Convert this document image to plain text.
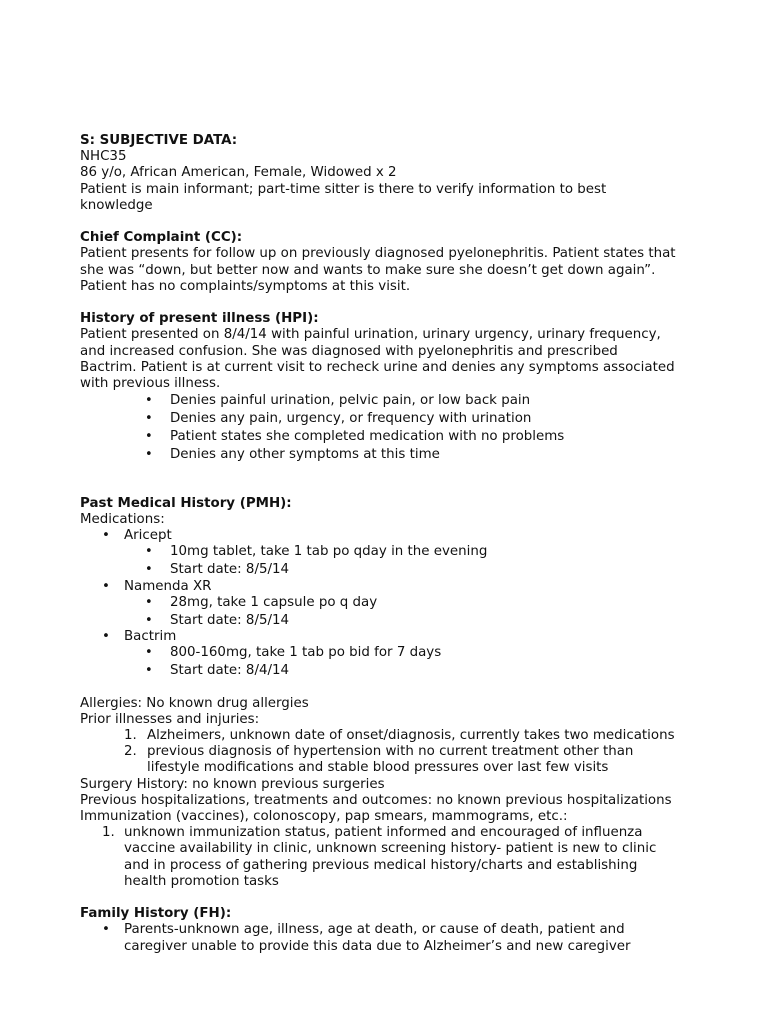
S: SUBJECTIVE DATA:
NHC35
86 y/o, African American, Female, Widowed x 2
Patient is main informant; part-time sitter is there to verify information to best
knowledge
Chief Complaint (CC):
Patient presents for follow up on previously diagnosed pyelonephritis. Patient states that
she was “down, but better now and wants to make sure she doesn’t get down again”.
Patient has no complaints/symptoms at this visit.
History of present illness (HPI):
Patient presented on 8/4/14 with painful urination, urinary urgency, urinary frequency,
and increased confusion. She was diagnosed with pyelonephritis and prescribed
Bactrim. Patient is at current visit to recheck urine and denies any symptoms associated
with previous illness.
• Denies painful urination, pelvic pain, or low back pain
• Denies any pain, urgency, or frequency with urination
• Patient states she completed medication with no problems
• Denies any other symptoms at this time
Past Medical History (PMH):
Medications:
• Aricept
• 10mg tablet, take 1 tab po qday in the evening
• Start date: 8/5/14
• Namenda XR
• 28mg, take 1 capsule po q day
• Start date: 8/5/14
• Bactrim
• 800-160mg, take 1 tab po bid for 7 days
• Start date: 8/4/14
Allergies: No known drug allergies
Prior illnesses and injuries:
1. Alzheimers, unknown date of onset/diagnosis, currently takes two medications
2. previous diagnosis of hypertension with no current treatment other than
lifestyle modifications and stable blood pressures over last few visits
Surgery History: no known previous surgeries
Previous hospitalizations, treatments and outcomes: no known previous hospitalizations
Immunization (vaccines), colonoscopy, pap smears, mammograms, etc.:
1. unknown immunization status, patient informed and encouraged of influenza
vaccine availability in clinic, unknown screening history- patient is new to clinic
and in process of gathering previous medical history/charts and establishing
health promotion tasks
Family History (FH):
• Parents-unknown age, illness, age at death, or cause of death, patient and
caregiver unable to provide this data due to Alzheimer’s and new caregiver
